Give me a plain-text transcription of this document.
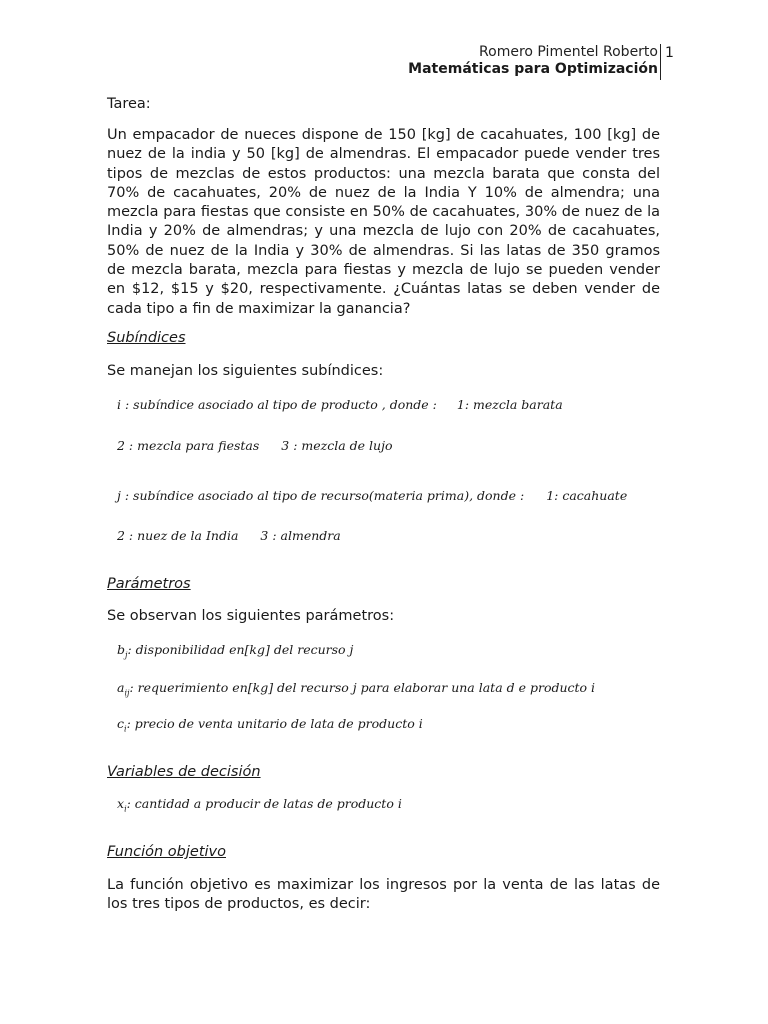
Romero Pimentel Roberto
Matemáticas para Optimización
1
Tarea:
Un empacador de nueces dispone de 150 [kg] de cacahuates, 100 [kg] de nuez de la india y 50 [kg] de almendras. El empacador puede vender tres tipos de mezclas de estos productos: una mezcla barata que consta del 70% de cacahuates, 20% de nuez de la India Y 10% de almendra; una mezcla para fiestas que consiste en 50% de cacahuates, 30% de nuez de la India y 20% de almendras; y una mezcla de lujo con 20% de cacahuates, 50% de nuez de la India y 30% de almendras. Si las latas de 350 gramos de mezcla barata, mezcla para fiestas y mezcla de lujo se pueden vender en $12, $15 y $20, respectivamente. ¿Cuántas latas se deben vender de cada tipo a fin de maximizar la ganancia?
Subíndices
Se manejan los siguientes subíndices:
i : subíndice asociado al tipo de producto , donde : 1: mezcla barata
2 : mezcla para fiestas 3 : mezcla de lujo
j : subíndice asociado al tipo de recurso(materia prima), donde : 1: cacahuate
2 : nuez de la India 3 : almendra
Parámetros
Se observan los siguientes parámetros:
$b_j$: disponibilidad en[kg] del recurso j
$a_{ij}$: requerimiento en[kg] del recurso j para elaborar una lata d e producto i
$c_i$: precio de venta unitario de lata de producto i
Variables de decisión
$x_i$: cantidad a producir de latas de producto i
Función objetivo
La función objetivo es maximizar los ingresos por la venta de las latas de los tres tipos de productos, es decir:
